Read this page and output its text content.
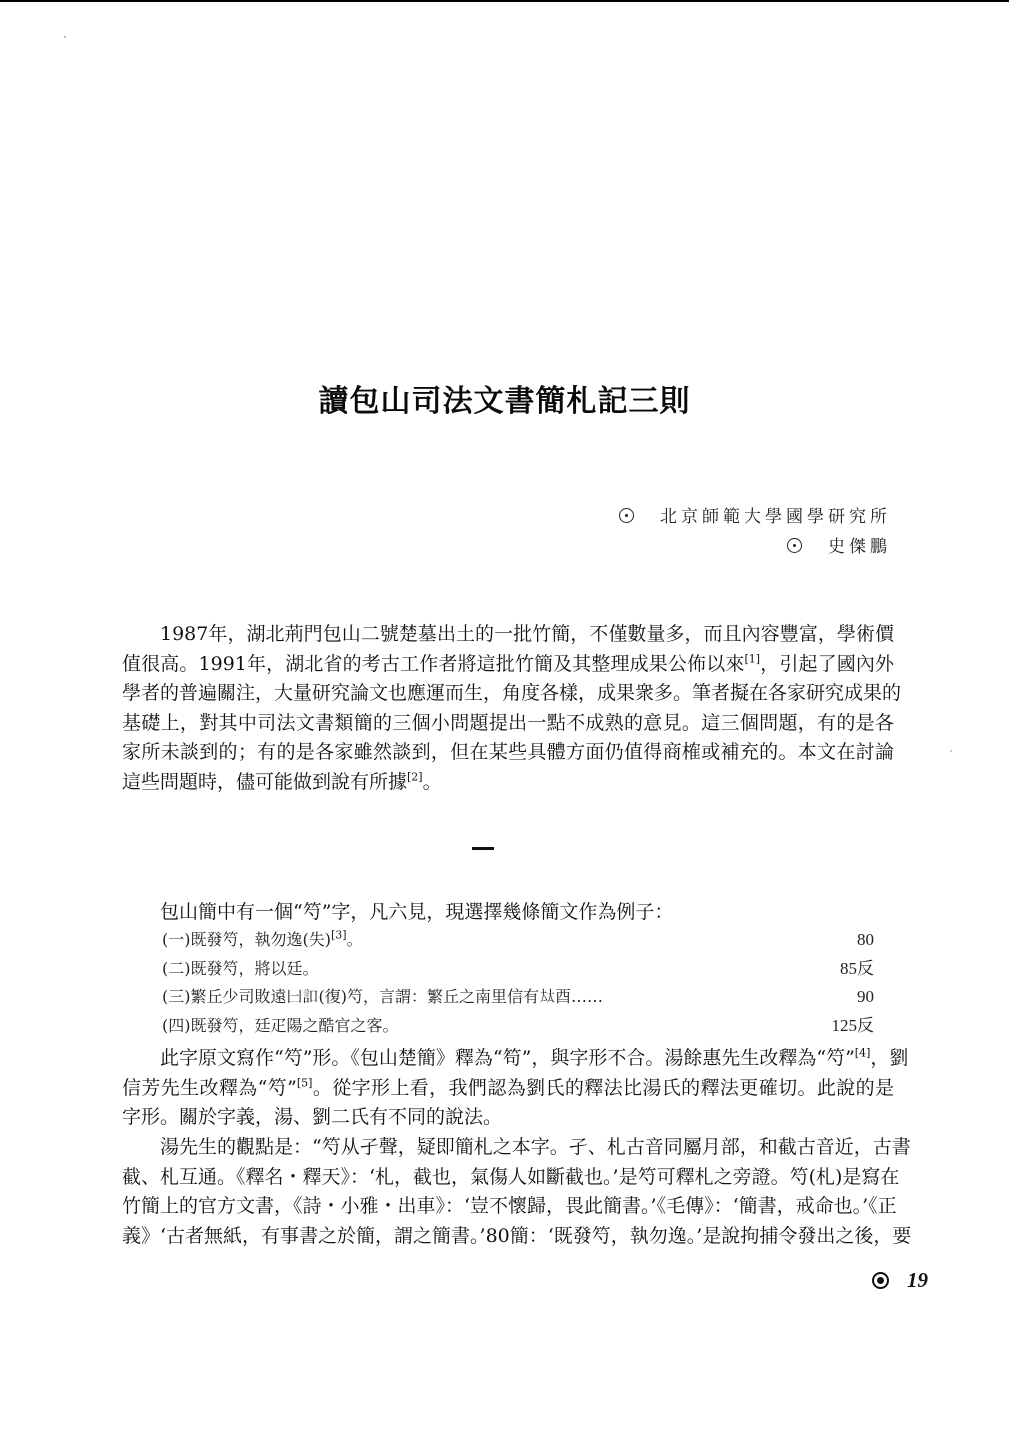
讀包山司法文書簡札記三則
北京師範大學國學研究所
史傑鵬
1987年，湖北荊門包山二號楚墓出土的一批竹簡，不僅數量多，而且內容豐富，學術價
值很高。1991年，湖北省的考古工作者將這批竹簡及其整理成果公佈以來[1]，引起了國內外
學者的普遍關注，大量研究論文也應運而生，角度各樣，成果衆多。筆者擬在各家研究成果的
基礎上，對其中司法文書類簡的三個小問題提出一點不成熟的意見。這三個問題，有的是各
家所未談到的；有的是各家雖然談到，但在某些具體方面仍值得商榷或補充的。本文在討論
這些問題時，儘可能做到說有所據[2]。
包山簡中有一個“𥫩”字，凡六見，現選擇幾條簡文作為例子：
(一)既發𥫩，執勿逸(失)[3]。	80
(二)既發𥫩，將以廷。	85反
(三)繁丘少司敗遠𠙵𧥣(復)𥫩，言謂：繁丘之南里信有𡘋酉……	90
(四)既發𥫩，廷疋陽之酷官之客。	125反
此字原文寫作“𥫩”形。《包山楚簡》釋為“笱”，與字形不合。湯餘惠先生改釋為“𥫩”[4]，劉
信芳先生改釋為“𥫩”[5]。從字形上看，我們認為劉氏的釋法比湯氏的釋法更確切。此說的是
字形。關於字義，湯、劉二氏有不同的說法。
湯先生的觀點是：“𥫩从孑聲，疑即簡札之本字。孑、札古音同屬月部，和截古音近，古書
截、札互通。《釋名・釋天》：‘札，截也，氣傷人如斷截也。’是𥫩可釋札之旁證。𥫩(札)是寫在
竹簡上的官方文書，《詩・小雅・出車》：‘豈不懷歸，畏此簡書。’《毛傳》：‘簡書，戒命也。’《正
義》‘古者無紙，有事書之於簡，謂之簡書。’80簡：‘既發𥫩，執勿逸。’是說拘捕令發出之後，要
19
